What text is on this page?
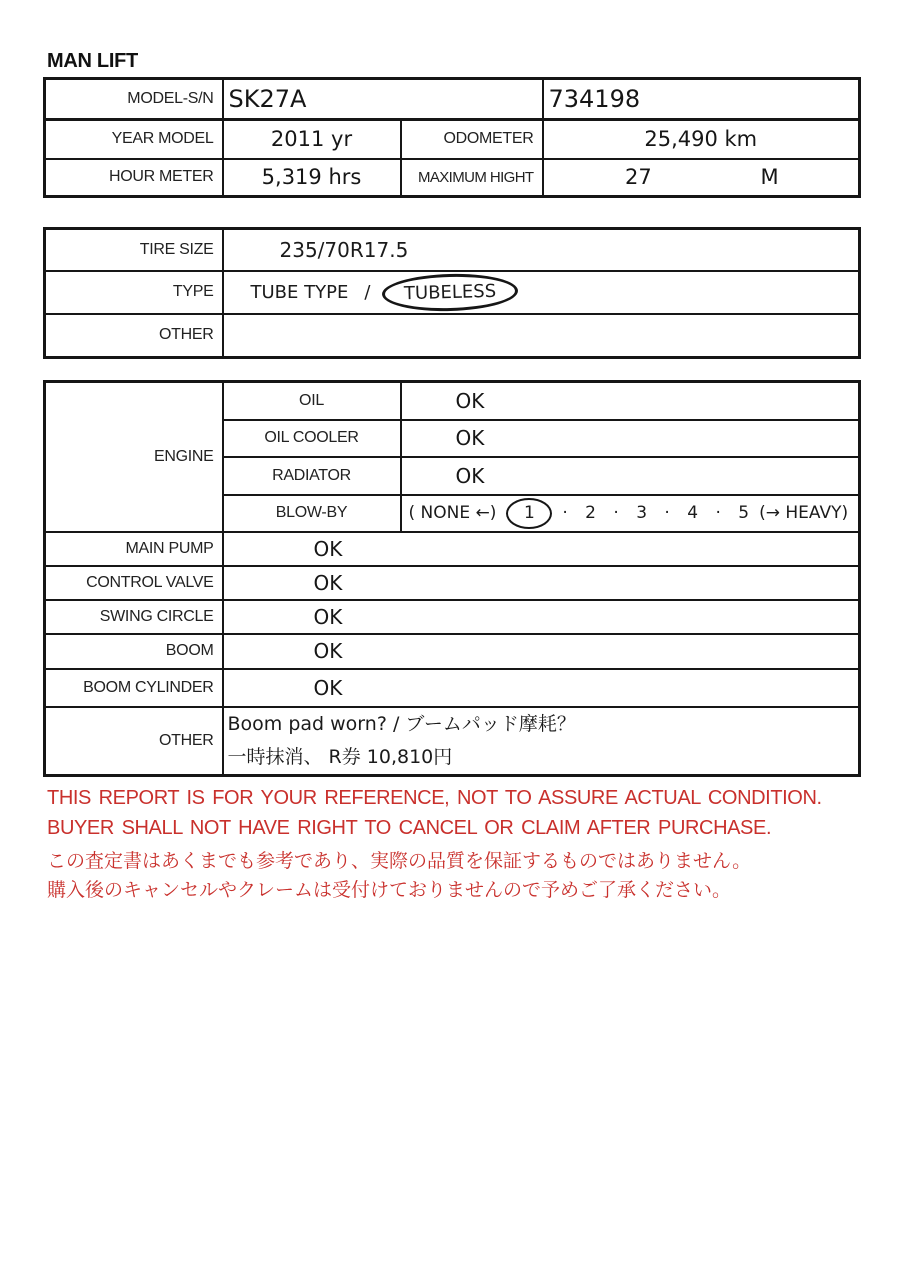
MAN LIFT
MODEL-S/N	SK27A		734198
YEAR MODEL	2011 yr	ODOMETER	25,490 km
HOUR METER	5,319 hrs	MAXIMUM HIGHT	27 M
TIRE SIZE	235/70R17.5
TYPE	TUBE TYPE / TUBELESS

OTHER	
ENGINE	OIL	OK
	OIL COOLER	OK
	RADIATOR	OK
	BLOW-BY	( NONE ←) 1 · 2 · 3 · 4 · 5 (→ HEAVY)

MAIN PUMP	OK	
CONTROL VALVE	OK	
SWING CIRCLE	OK	
BOOM	OK	
BOOM CYLINDER	OK	
OTHER	Boom pad worn? / ブームパッド摩耗？
一時抹消、 R券 10,810円	
THIS REPORT IS FOR YOUR REFERENCE, NOT TO ASSURE ACTUAL CONDITION.
BUYER SHALL NOT HAVE RIGHT TO CANCEL OR CLAIM AFTER PURCHASE.
この査定書はあくまでも参考であり、実際の品質を保証するものではありません。
購入後のキャンセルやクレームは受付けておりませんので予めご了承ください。
